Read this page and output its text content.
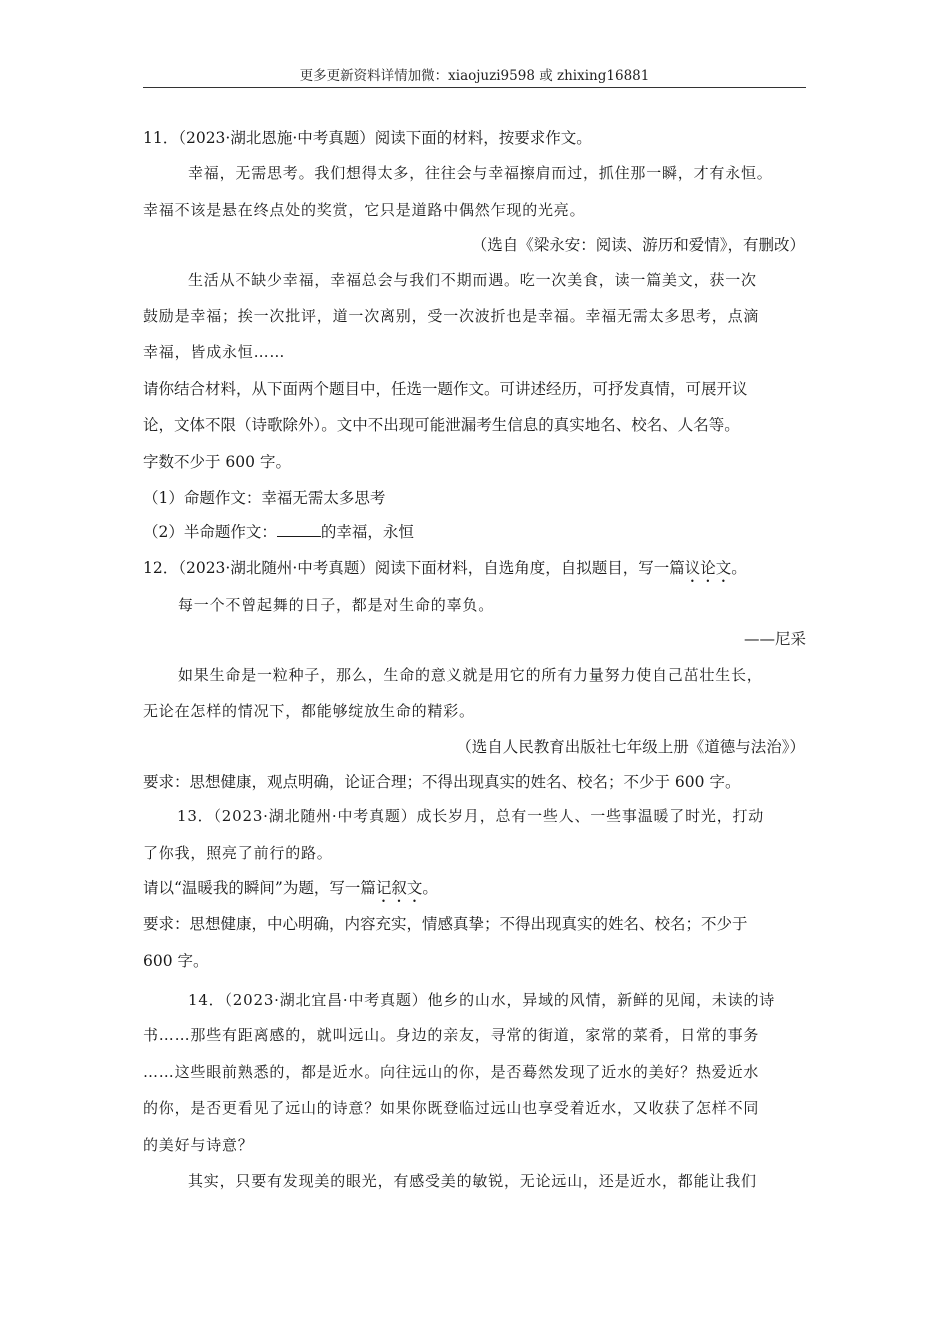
更多更新资料详情加微：xiaojuzi9598 或 zhixing16881
11．（2023·湖北恩施·中考真题）阅读下面的材料，按要求作文。
幸福，无需思考。我们想得太多，往往会与幸福擦肩而过，抓住那一瞬，才有永恒。
幸福不该是悬在终点处的奖赏，它只是道路中偶然乍现的光亮。
（选自《梁永安：阅读、游历和爱情》，有删改）
生活从不缺少幸福，幸福总会与我们不期而遇。吃一次美食，读一篇美文，获一次
鼓励是幸福；挨一次批评，道一次离别，受一次波折也是幸福。幸福无需太多思考，点滴
幸福，皆成永恒……
请你结合材料，从下面两个题目中，任选一题作文。可讲述经历，可抒发真情，可展开议
论，文体不限（诗歌除外）。文中不出现可能泄漏考生信息的真实地名、校名、人名等。
字数不少于 600 字。
（1）命题作文：幸福无需太多思考
（2）半命题作文：	的幸福，永恒
12．（2023·湖北随州·中考真题）阅读下面材料，自选角度，自拟题目，写一篇议论文。
每一个不曾起舞的日子，都是对生命的辜负。
——尼采
如果生命是一粒种子，那么，生命的意义就是用它的所有力量努力使自己茁壮生长，
无论在怎样的情况下，都能够绽放生命的精彩。
（选自人民教育出版社七年级上册《道德与法治》）
要求：思想健康，观点明确，论证合理；不得出现真实的姓名、校名；不少于 600 字。
13．（2023·湖北随州·中考真题）成长岁月，总有一些人、一些事温暖了时光，打动
了你我，照亮了前行的路。
请以“温暖我的瞬间”为题，写一篇记叙文。
要求：思想健康，中心明确，内容充实，情感真挚；不得出现真实的姓名、校名；不少于
600 字。
14．（2023·湖北宜昌·中考真题）他乡的山水，异域的风情，新鲜的见闻，未读的诗
书……那些有距离感的，就叫远山。身边的亲友，寻常的街道，家常的菜肴，日常的事务
……这些眼前熟悉的，都是近水。向往远山的你，是否蓦然发现了近水的美好？热爱近水
的你，是否更看见了远山的诗意？如果你既登临过远山也享受着近水，又收获了怎样不同
的美好与诗意？
其实，只要有发现美的眼光，有感受美的敏锐，无论远山，还是近水，都能让我们
